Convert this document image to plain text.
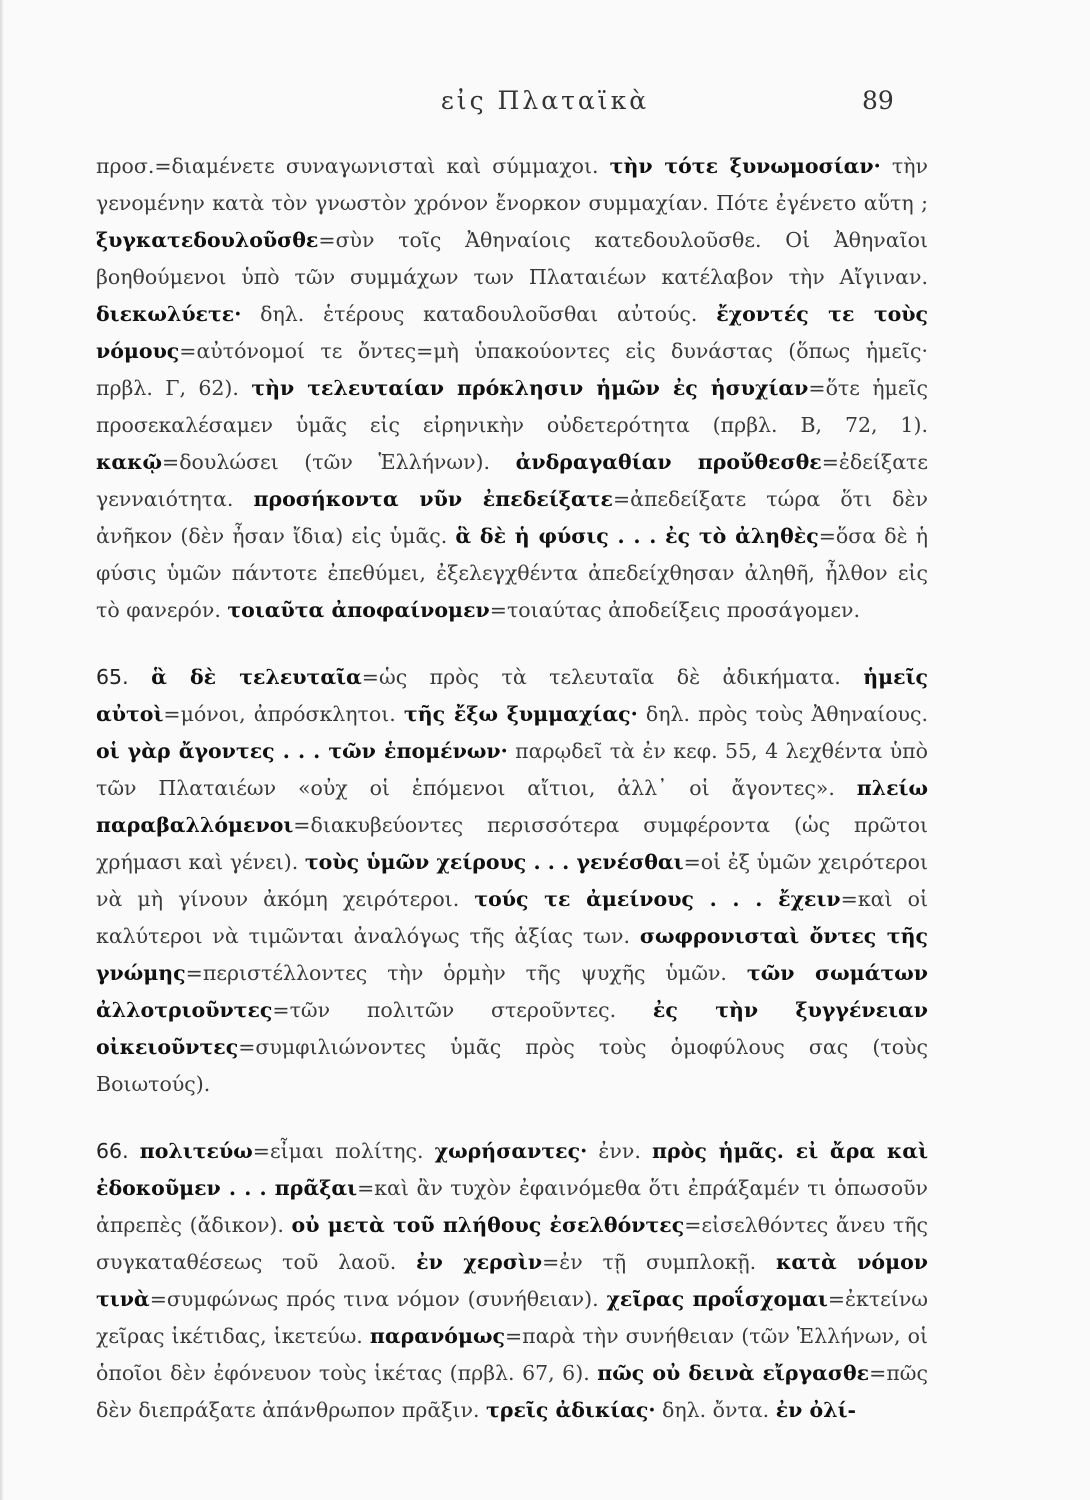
εἰς Πλαταϊκὰ	89

προσ.=διαμένετε συναγωνισταὶ καὶ σύμμαχοι. τὴν τότε ξυνωμοσίαν· τὴν γενομένην κατὰ τὸν γνωστὸν χρόνον ἔνορκον συμμαχίαν. Πότε ἐγένετο αὕτη ; ξυγκατεδουλοῦσθε=σὺν τοῖς Ἀθηναίοις κατεδουλοῦσθε. Οἱ Ἀθηναῖοι βοηθούμενοι ὑπὸ τῶν συμμάχων των Πλαταιέων κατέλαβον τὴν Αἴγιναν. διεκωλύετε· δηλ. ἑτέρους καταδουλοῦσθαι αὐτούς. ἔχοντές τε τοὺς νόμους=αὐτόνομοί τε ὄντες=μὴ ὑπακούοντες εἰς δυνάστας (ὅπως ἡμεῖς· πρβλ. Γ, 62). τὴν τελευταίαν πρόκλησιν ἡμῶν ἐς ἡσυχίαν=ὅτε ἡμεῖς προσεκαλέσαμεν ὑμᾶς εἰς εἰρηνικὴν οὐδετερότητα (πρβλ. Β, 72, 1). κακῷ=δουλώσει (τῶν Ἑλλήνων). ἀνδραγαθίαν προὔθεσθε=ἐδείξατε γενναιότητα. προσήκοντα νῦν ἐπεδείξατε=ἀπεδείξατε τώρα ὅτι δὲν ἀνῆκον (δὲν ἦσαν ἴδια) εἰς ὑμᾶς. ἃ δὲ ἡ φύσις . . . ἐς τὸ ἀληθὲς=ὅσα δὲ ἡ φύσις ὑμῶν πάντοτε ἐπεθύμει, ἐξελεγχθέντα ἀπεδείχθησαν ἀληθῆ, ἦλθον εἰς τὸ φανερόν. τοιαῦτα ἀποφαίνομεν=τοιαύτας ἀποδείξεις προσάγομεν.

65. ἃ δὲ τελευταῖα=ὡς πρὸς τὰ τελευταῖα δὲ ἀδικήματα. ἡμεῖς αὐτοὶ=μόνοι, ἀπρόσκλητοι. τῆς ἔξω ξυμμαχίας· δηλ. πρὸς τοὺς Ἀθηναίους. οἱ γὰρ ἄγοντες . . . τῶν ἑπομένων· παρῳδεῖ τὰ ἐν κεφ. 55, 4 λεχθέντα ὑπὸ τῶν Πλαταιέων «οὐχ οἱ ἑπόμενοι αἴτιοι, ἀλλ᾽ οἱ ἄγοντες». πλείω παραβαλλόμενοι=διακυβεύοντες περισσότερα συμφέροντα (ὡς πρῶτοι χρήμασι καὶ γένει). τοὺς ὑμῶν χείρους . . . γενέσθαι=οἱ ἐξ ὑμῶν χειρότεροι νὰ μὴ γίνουν ἀκόμη χειρότεροι. τούς τε ἀμείνους . . . ἔχειν=καὶ οἱ καλύτεροι νὰ τιμῶνται ἀναλόγως τῆς ἀξίας των. σωφρονισταὶ ὄντες τῆς γνώμης=περιστέλλοντες τὴν ὁρμὴν τῆς ψυχῆς ὑμῶν. τῶν σωμάτων ἀλλοτριοῦντες=τῶν πολιτῶν στεροῦντες. ἐς τὴν ξυγγένειαν οἰκειοῦντες=συμφιλιώνοντες ὑμᾶς πρὸς τοὺς ὁμοφύλους σας (τοὺς Βοιωτούς).

66. πολιτεύω=εἶμαι πολίτης. χωρήσαντες· ἐνν. πρὸς ἡμᾶς. εἰ ἄρα καὶ ἐδοκοῦμεν . . . πρᾶξαι=καὶ ἂν τυχὸν ἐφαινόμεθα ὅτι ἐπράξαμέν τι ὁπωσοῦν ἀπρεπὲς (ἄδικον). οὐ μετὰ τοῦ πλήθους ἐσελθόντες=εἰσελθόντες ἄνευ τῆς συγκαταθέσεως τοῦ λαοῦ. ἐν χερσὶν=ἐν τῇ συμπλοκῇ. κατὰ νόμον τινὰ=συμφώνως πρός τινα νόμον (συνήθειαν). χεῖρας προΐσχομαι=ἐκτείνω χεῖρας ἱκέτιδας, ἱκετεύω. παρανόμως=παρὰ τὴν συνήθειαν (τῶν Ἑλλήνων, οἱ ὁποῖοι δὲν ἐφόνευον τοὺς ἱκέτας (πρβλ. 67, 6). πῶς οὐ δεινὰ εἴργασθε=πῶς δὲν διεπράξατε ἀπάνθρωπον πρᾶξιν. τρεῖς ἀδικίας· δηλ. ὄντα. ἐν ὀλί-
